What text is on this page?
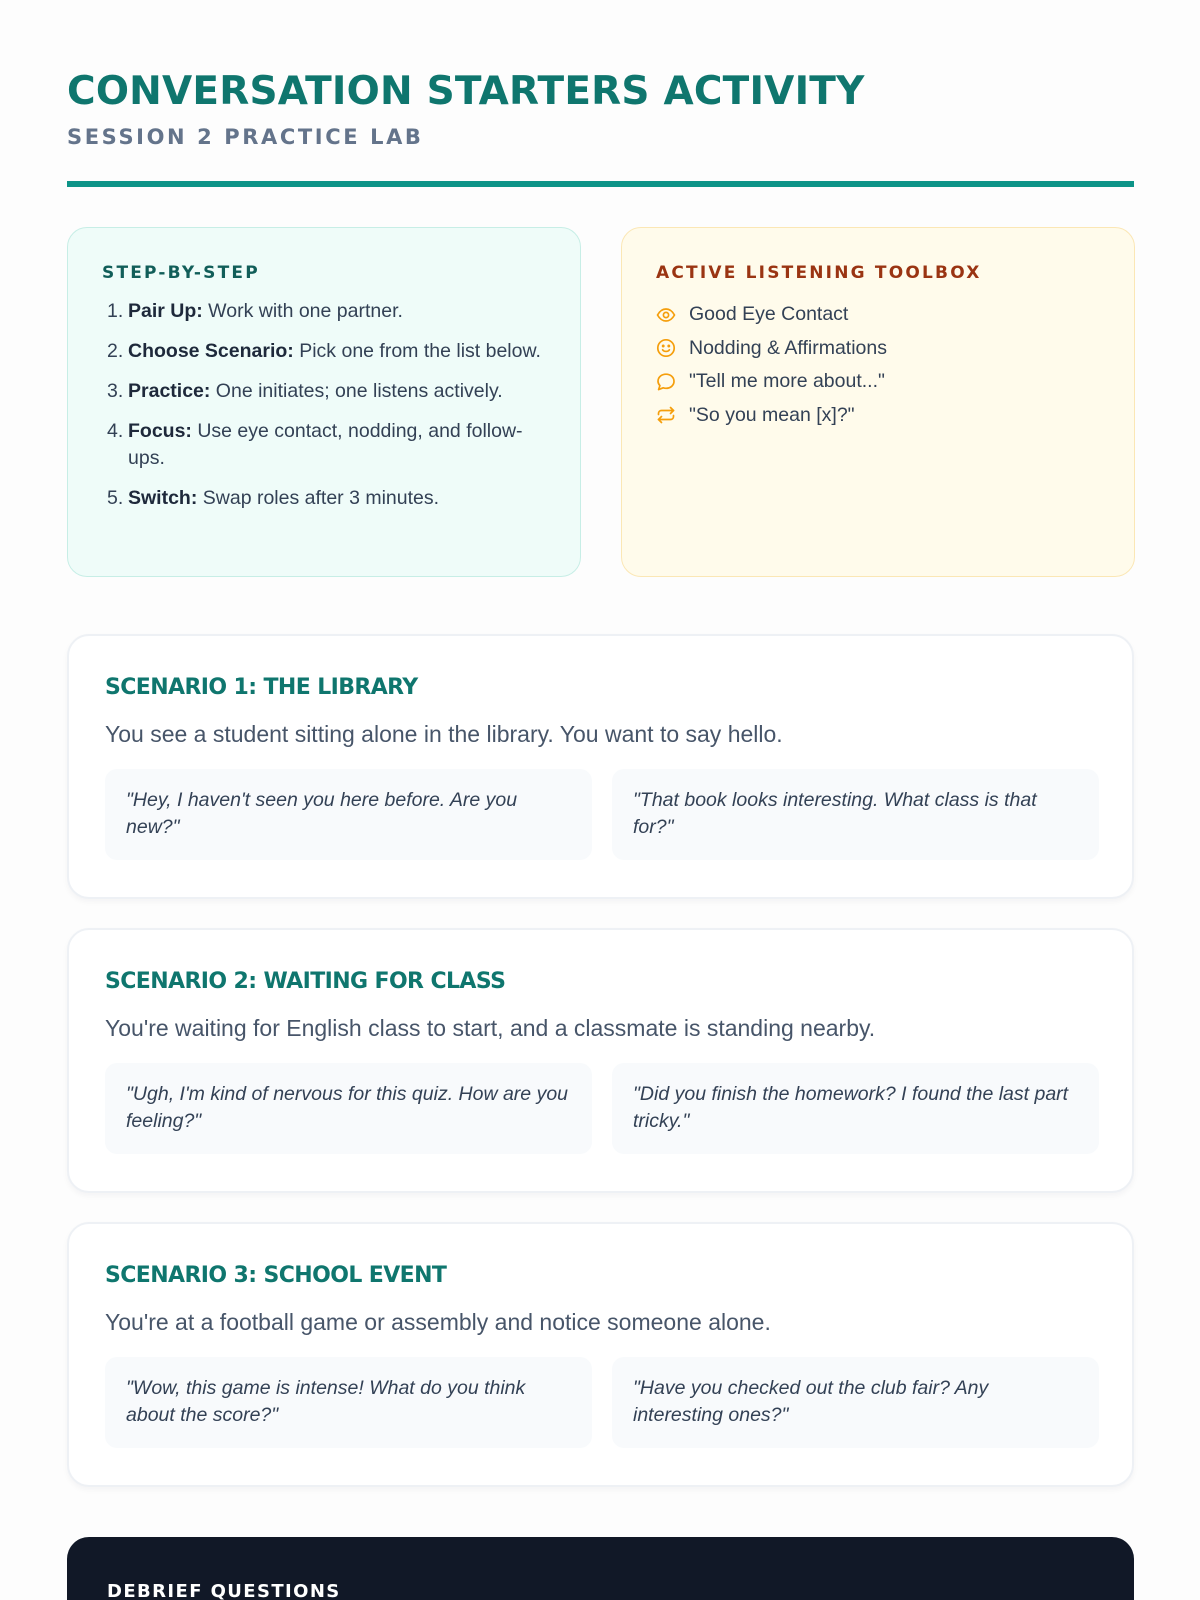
CONVERSATION STARTERS ACTIVITY
SESSION 2 PRACTICE LAB
STEP-BY-STEP
1. Pair Up: Work with one partner.
2. Choose Scenario: Pick one from the list below.
3. Practice: One initiates; one listens actively.
4. Focus: Use eye contact, nodding, and follow-ups.
5. Switch: Swap roles after 3 minutes.
ACTIVE LISTENING TOOLBOX
Good Eye Contact
Nodding & Affirmations
"Tell me more about..."
"So you mean [x]?"
SCENARIO 1: THE LIBRARY

You see a student sitting alone in the library. You want to say hello.

"Hey, I haven't seen you here before. Are you new?"
"That book looks interesting. What class is that for?"
SCENARIO 2: WAITING FOR CLASS

You're waiting for English class to start, and a classmate is standing nearby.

"Ugh, I'm kind of nervous for this quiz. How are you feeling?"
"Did you finish the homework? I found the last part tricky."
SCENARIO 3: SCHOOL EVENT

You're at a football game or assembly and notice someone alone.

"Wow, this game is intense! What do you think about the score?"
"Have you checked out the club fair? Any interesting ones?"
DEBRIEF QUESTIONS
